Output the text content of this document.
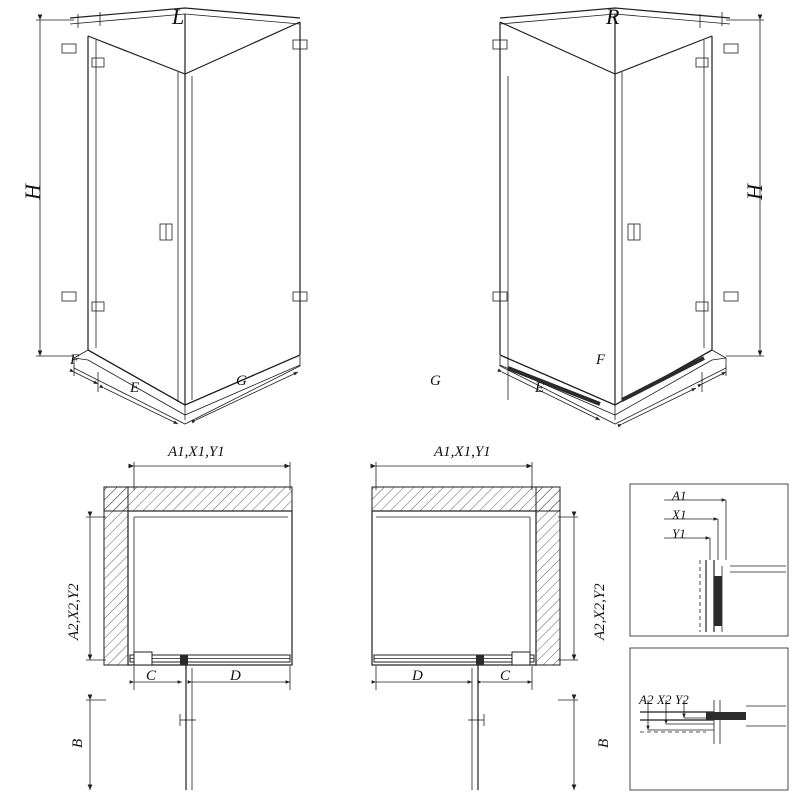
L	R
H	H
F
E	G	G	E
F
A1,X1,Y1
A2,X2,Y2
C	D
B
A1,X1,Y1
A2,X2,Y2
D	C
B
A1
X1
Y1
A2 X2 Y2
